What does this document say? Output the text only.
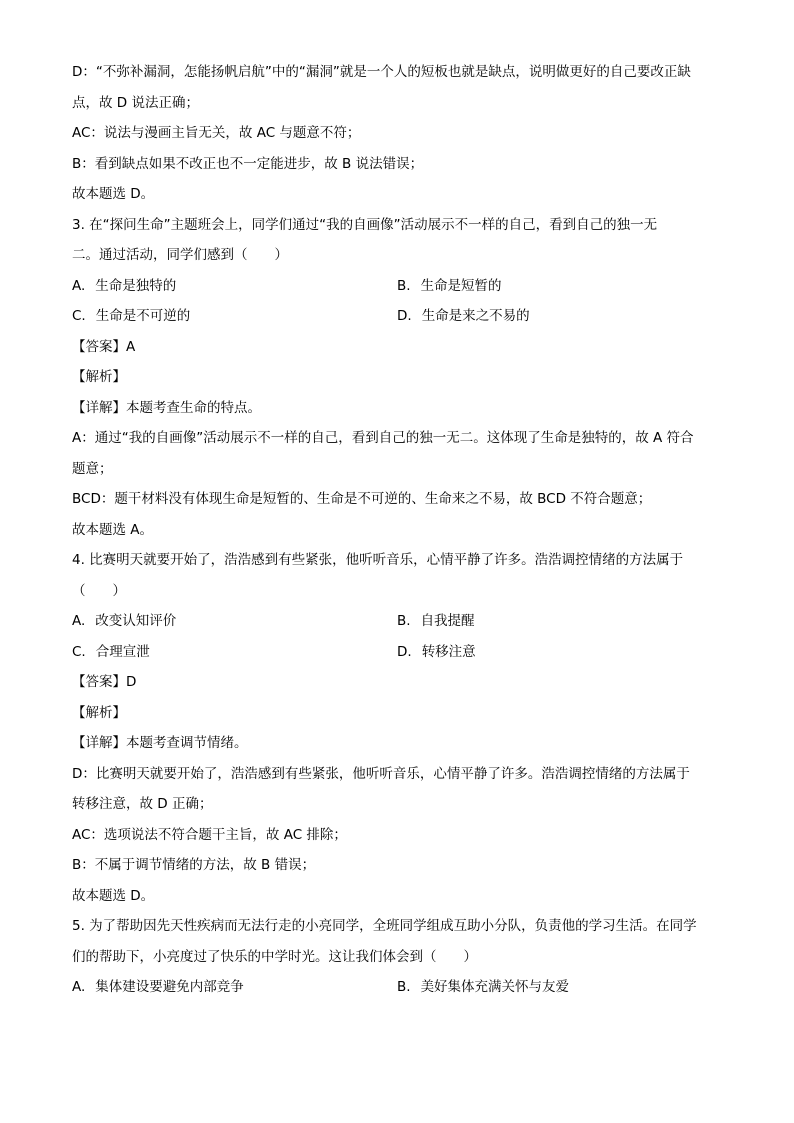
D：“不弥补漏洞，怎能扬帆启航”中的“漏洞”就是一个人的短板也就是缺点，说明做更好的自己要改正缺
点，故 D 说法正确；
AC：说法与漫画主旨无关，故 AC 与题意不符；
B：看到缺点如果不改正也不一定能进步，故 B 说法错误；
故本题选 D。
3. 在“探问生命”主题班会上，同学们通过“我的自画像”活动展示不一样的自己，看到自己的独一无
二。通过活动，同学们感到（　　）
A. 生命是独特的	B. 生命是短暂的
C. 生命是不可逆的	D. 生命是来之不易的
【答案】A
【解析】
【详解】本题考查生命的特点。
A：通过“我的自画像”活动展示不一样的自己，看到自己的独一无二。这体现了生命是独特的，故 A 符合
题意；
BCD：题干材料没有体现生命是短暂的、生命是不可逆的、生命来之不易，故 BCD 不符合题意；
故本题选 A。
4. 比赛明天就要开始了，浩浩感到有些紧张，他听听音乐，心情平静了许多。浩浩调控情绪的方法属于
（　　）
A. 改变认知评价	B. 自我提醒
C. 合理宣泄	D. 转移注意
【答案】D
【解析】
【详解】本题考查调节情绪。
D：比赛明天就要开始了，浩浩感到有些紧张，他听听音乐，心情平静了许多。浩浩调控情绪的方法属于
转移注意，故 D 正确；
AC：选项说法不符合题干主旨，故 AC 排除；
B：不属于调节情绪的方法，故 B 错误；
故本题选 D。
5. 为了帮助因先天性疾病而无法行走的小亮同学，全班同学组成互助小分队，负责他的学习生活。在同学
们的帮助下，小亮度过了快乐的中学时光。这让我们体会到（　　）
A. 集体建设要避免内部竞争	B. 美好集体充满关怀与友爱
